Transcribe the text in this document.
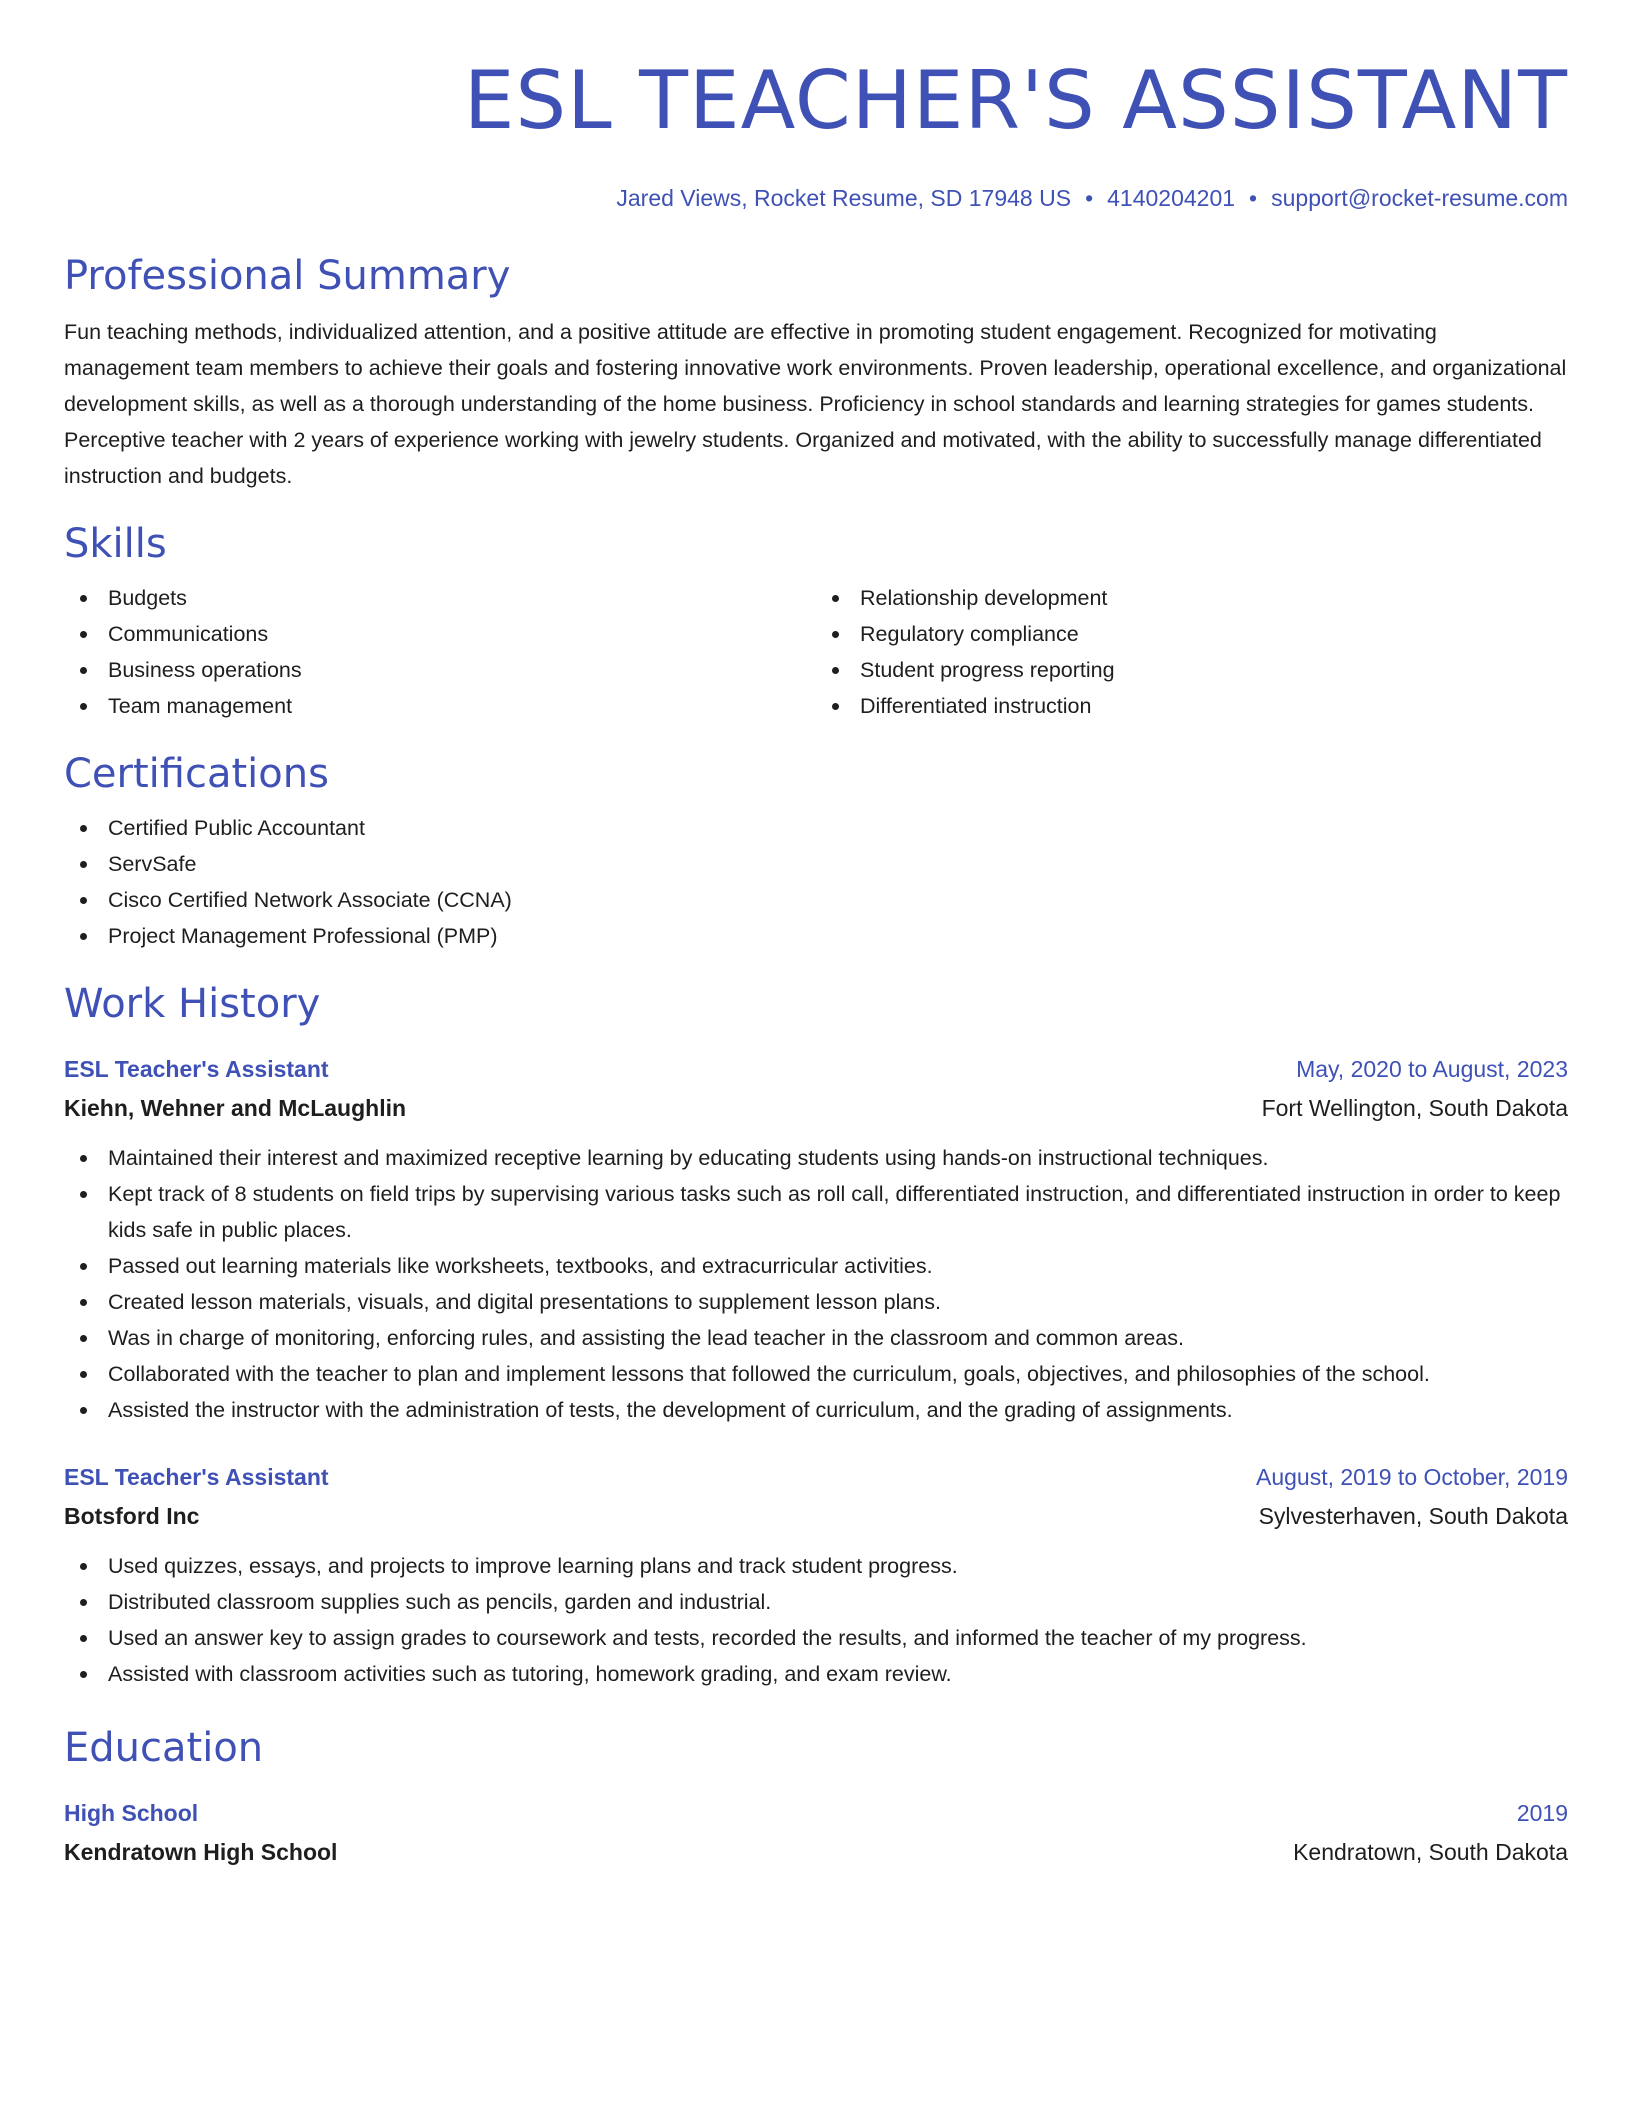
ESL TEACHER'S ASSISTANT
Jared Views, Rocket Resume, SD 17948 US • 4140204201 • support@rocket-resume.com
Professional Summary
Fun teaching methods, individualized attention, and a positive attitude are effective in promoting student engagement. Recognized for motivating management team members to achieve their goals and fostering innovative work environments. Proven leadership, operational excellence, and organizational development skills, as well as a thorough understanding of the home business. Proficiency in school standards and learning strategies for games students. Perceptive teacher with 2 years of experience working with jewelry students. Organized and motivated, with the ability to successfully manage differentiated instruction and budgets.
Skills
Budgets
Communications
Business operations
Team management
Relationship development
Regulatory compliance
Student progress reporting
Differentiated instruction
Certifications
Certified Public Accountant
ServSafe
Cisco Certified Network Associate (CCNA)
Project Management Professional (PMP)
Work History
ESL Teacher's Assistant	May, 2020 to August, 2023
Kiehn, Wehner and McLaughlin	Fort Wellington, South Dakota
Maintained their interest and maximized receptive learning by educating students using hands-on instructional techniques.
Kept track of 8 students on field trips by supervising various tasks such as roll call, differentiated instruction, and differentiated instruction in order to keep kids safe in public places.
Passed out learning materials like worksheets, textbooks, and extracurricular activities.
Created lesson materials, visuals, and digital presentations to supplement lesson plans.
Was in charge of monitoring, enforcing rules, and assisting the lead teacher in the classroom and common areas.
Collaborated with the teacher to plan and implement lessons that followed the curriculum, goals, objectives, and philosophies of the school.
Assisted the instructor with the administration of tests, the development of curriculum, and the grading of assignments.
ESL Teacher's Assistant	August, 2019 to October, 2019
Botsford Inc	Sylvesterhaven, South Dakota
Used quizzes, essays, and projects to improve learning plans and track student progress.
Distributed classroom supplies such as pencils, garden and industrial.
Used an answer key to assign grades to coursework and tests, recorded the results, and informed the teacher of my progress.
Assisted with classroom activities such as tutoring, homework grading, and exam review.
Education
High School	2019
Kendratown High School	Kendratown, South Dakota
